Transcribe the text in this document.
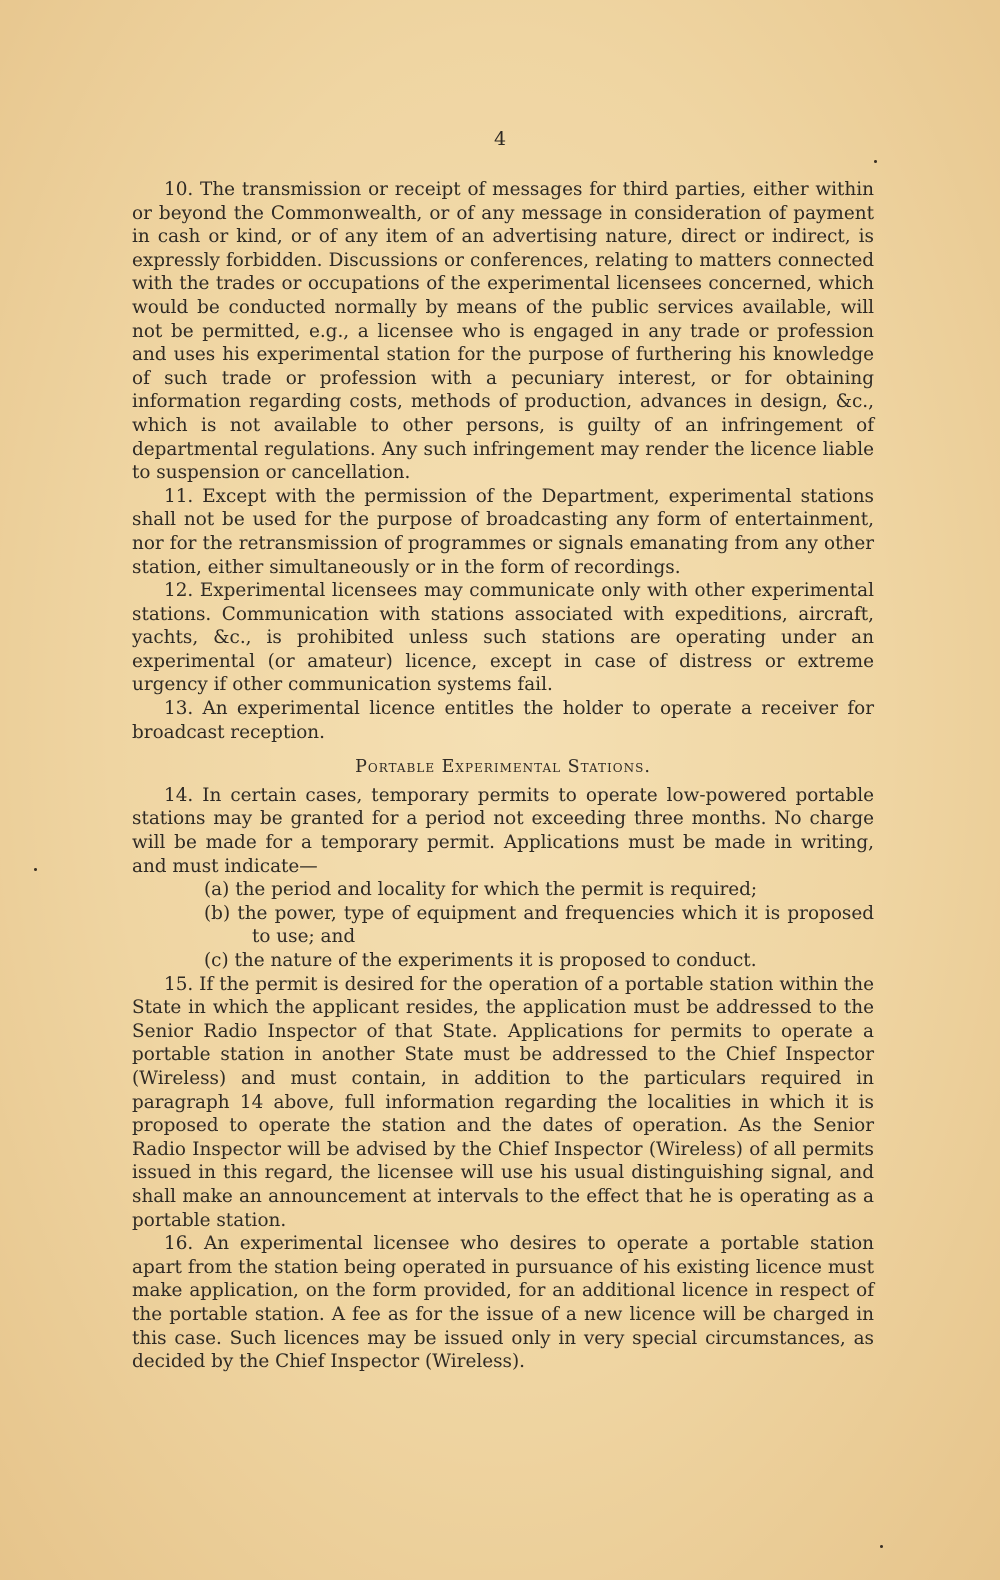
4

10. The transmission or receipt of messages for third parties, either within or beyond the Commonwealth, or of any message in consideration of payment in cash or kind, or of any item of an advertising nature, direct or indirect, is expressly forbidden. Discussions or conferences, relating to matters connected with the trades or occupations of the experimental licensees concerned, which would be conducted normally by means of the public services available, will not be permitted, e.g., a licensee who is engaged in any trade or profession and uses his experimental station for the purpose of furthering his knowledge of such trade or profession with a pecuniary interest, or for obtaining information regarding costs, methods of production, advances in design, &c., which is not available to other persons, is guilty of an infringement of departmental regulations. Any such infringement may render the licence liable to suspension or cancellation.

11. Except with the permission of the Department, experimental stations shall not be used for the purpose of broadcasting any form of entertainment, nor for the retransmission of programmes or signals emanating from any other station, either simultaneously or in the form of recordings.

12. Experimental licensees may communicate only with other experimental stations. Communication with stations associated with expeditions, aircraft, yachts, &c., is prohibited unless such stations are operating under an experimental (or amateur) licence, except in case of distress or extreme urgency if other communication systems fail.

13. An experimental licence entitles the holder to operate a receiver for broadcast reception.

Portable Experimental Stations.

14. In certain cases, temporary permits to operate low-powered portable stations may be granted for a period not exceeding three months. No charge will be made for a temporary permit. Applications must be made in writing, and must indicate—

(a) the period and locality for which the permit is required;
(b) the power, type of equipment and frequencies which it is proposed to use; and
(c) the nature of the experiments it is proposed to conduct.

15. If the permit is desired for the operation of a portable station within the State in which the applicant resides, the application must be addressed to the Senior Radio Inspector of that State. Applications for permits to operate a portable station in another State must be addressed to the Chief Inspector (Wireless) and must contain, in addition to the particulars required in paragraph 14 above, full information regarding the localities in which it is proposed to operate the station and the dates of operation. As the Senior Radio Inspector will be advised by the Chief Inspector (Wireless) of all permits issued in this regard, the licensee will use his usual distinguishing signal, and shall make an announcement at intervals to the effect that he is operating as a portable station.

16. An experimental licensee who desires to operate a portable station apart from the station being operated in pursuance of his existing licence must make application, on the form provided, for an additional licence in respect of the portable station. A fee as for the issue of a new licence will be charged in this case. Such licences may be issued only in very special circumstances, as decided by the Chief Inspector (Wireless).
